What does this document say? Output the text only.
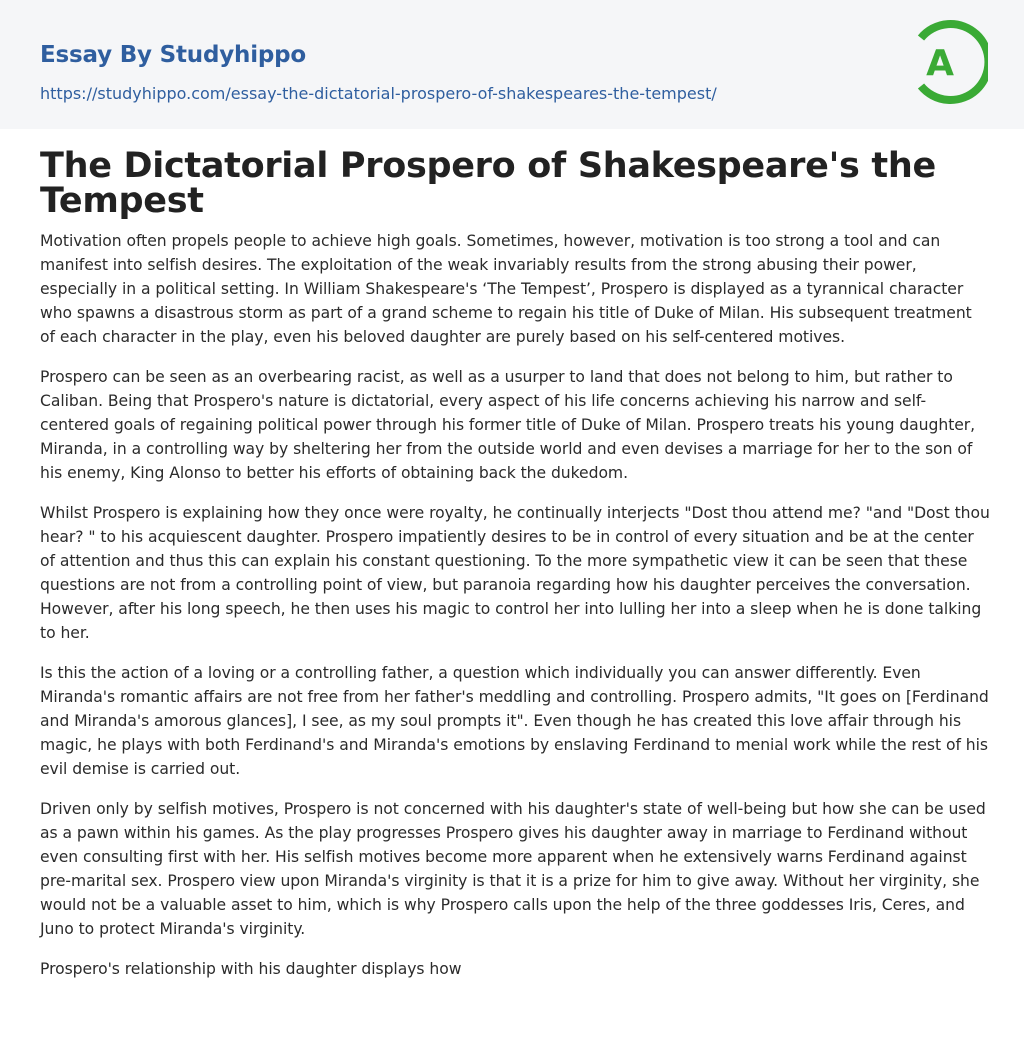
Essay By Studyhippo
https://studyhippo.com/essay-the-dictatorial-prospero-of-shakespeares-the-tempest/
A
The Dictatorial Prospero of Shakespeare's the Tempest

Motivation often propels people to achieve high goals. Sometimes, however, motivation is too strong a tool and can manifest into selfish desires. The exploitation of the weak invariably results from the strong abusing their power, especially in a political setting. In William Shakespeare's ‘The Tempest’, Prospero is displayed as a tyrannical character who spawns a disastrous storm as part of a grand scheme to regain his title of Duke of Milan. His subsequent treatment of each character in the play, even his beloved daughter are purely based on his self-centered motives.

Prospero can be seen as an overbearing racist, as well as a usurper to land that does not belong to him, but rather to Caliban. Being that Prospero's nature is dictatorial, every aspect of his life concerns achieving his narrow and self-centered goals of regaining political power through his former title of Duke of Milan. Prospero treats his young daughter, Miranda, in a controlling way by sheltering her from the outside world and even devises a marriage for her to the son of his enemy, King Alonso to better his efforts of obtaining back the dukedom.

Whilst Prospero is explaining how they once were royalty, he continually interjects "Dost thou attend me? "and "Dost thou hear? " to his acquiescent daughter. Prospero impatiently desires to be in control of every situation and be at the center of attention and thus this can explain his constant questioning. To the more sympathetic view it can be seen that these questions are not from a controlling point of view, but paranoia regarding how his daughter perceives the conversation. However, after his long speech, he then uses his magic to control her into lulling her into a sleep when he is done talking to her.

Is this the action of a loving or a controlling father, a question which individually you can answer differently. Even Miranda's romantic affairs are not free from her father's meddling and controlling. Prospero admits, "It goes on [Ferdinand and Miranda's amorous glances], I see, as my soul prompts it". Even though he has created this love affair through his magic, he plays with both Ferdinand's and Miranda's emotions by enslaving Ferdinand to menial work while the rest of his evil demise is carried out.

Driven only by selfish motives, Prospero is not concerned with his daughter's state of well-being but how she can be used as a pawn within his games. As the play progresses Prospero gives his daughter away in marriage to Ferdinand without even consulting first with her. His selfish motives become more apparent when he extensively warns Ferdinand against pre-marital sex. Prospero view upon Miranda's virginity is that it is a prize for him to give away. Without her virginity, she would not be a valuable asset to him, which is why Prospero calls upon the help of the three goddesses Iris, Ceres, and Juno to protect Miranda's virginity.

Prospero's relationship with his daughter displays how
